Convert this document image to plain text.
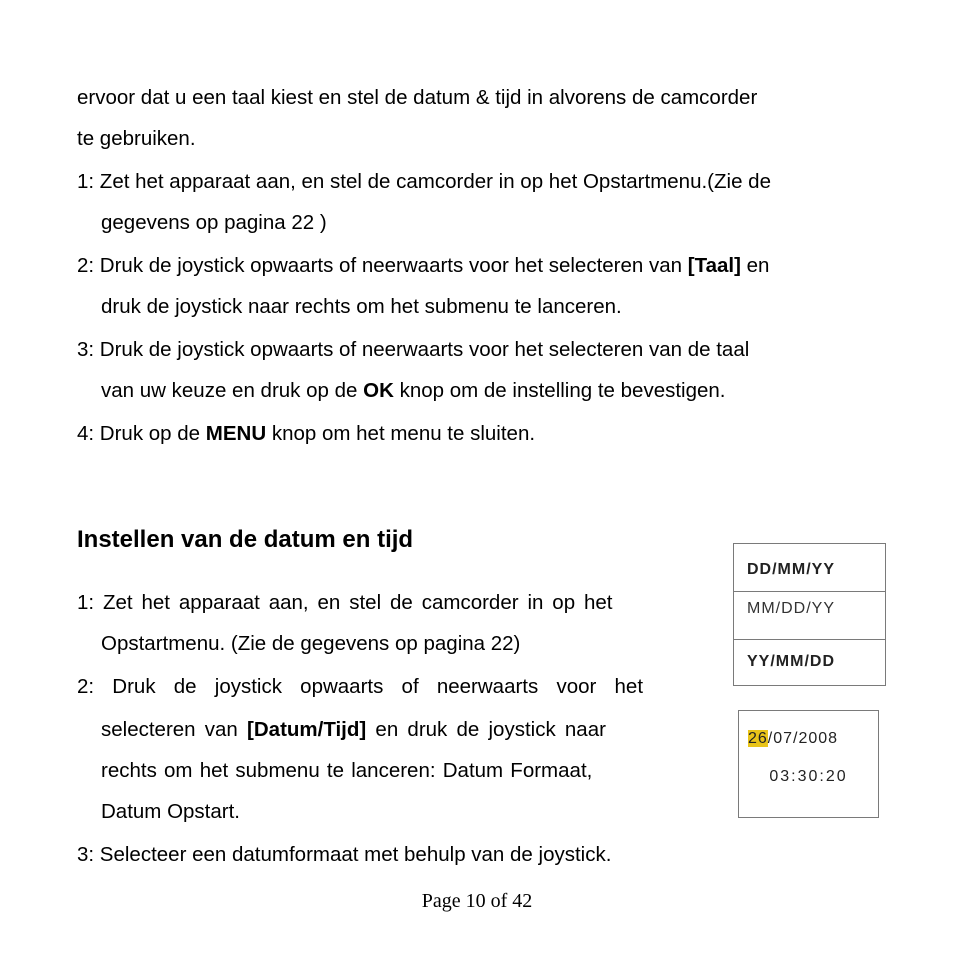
ervoor dat u een taal kiest en stel de datum & tijd in alvorens de camcorder
te gebruiken.
1: Zet het apparaat aan, en stel de camcorder in op het Opstartmenu.(Zie de
gegevens op pagina 22 )
2: Druk de joystick opwaarts of neerwaarts voor het selecteren van [Taal] en
druk de joystick naar rechts om het submenu te lanceren.
3: Druk de joystick opwaarts of neerwaarts voor het selecteren van de taal
van uw keuze en druk op de OK knop om de instelling te bevestigen.
4: Druk op de MENU knop om het menu te sluiten.
Instellen van de datum en tijd
1: Zet het apparaat aan, en stel de camcorder in op het
Opstartmenu. (Zie de gegevens op pagina 22)
2: Druk de joystick opwaarts of neerwaarts voor het
selecteren van [Datum/Tijd] en druk de joystick naar
rechts om het submenu te lanceren: Datum Formaat,
Datum Opstart.
3: Selecteer een datumformaat met behulp van de joystick.
DD/MM/YY
MM/DD/YY
YY/MM/DD
26/07/2008
03:30:20
Page 10 of 42
